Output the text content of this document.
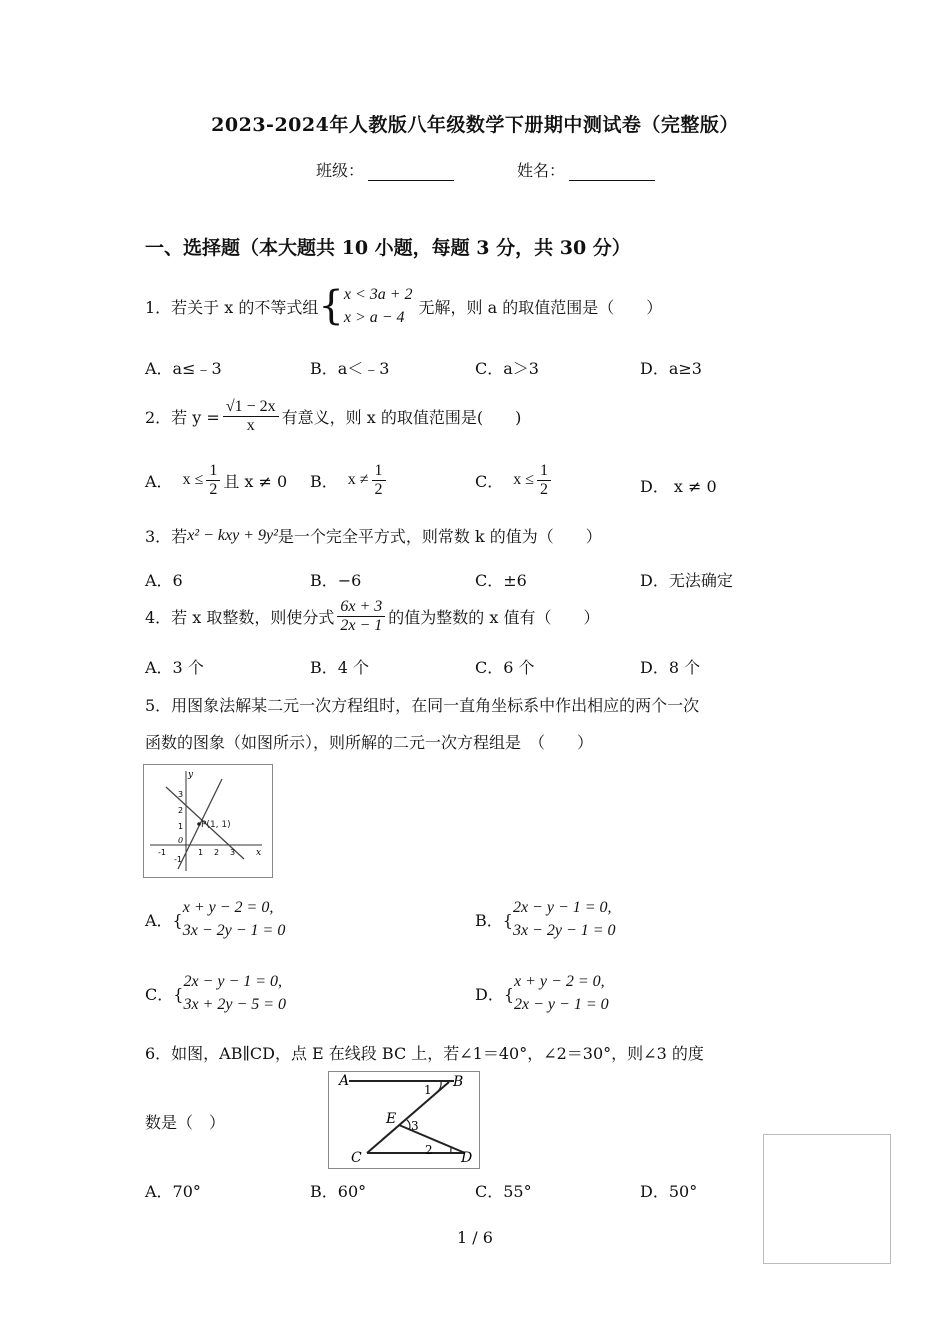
2023-2024年人教版八年级数学下册期中测试卷（完整版）
班级：	姓名：
一、选择题（本大题共 10 小题，每题 3 分，共 30 分）
1．若关于 x 的不等式组 { x < 3a + 2
x > a − 4
无解，则 a 的取值范围是（　　）
A．a≤﹣3	B．a＜﹣3	C．a＞3	D．a≥3
2．若 $y = \frac{√1 - 2x}{x}$ 有意义，则 x 的取值范围是(　　)
A． $x \le \frac{1}{2}$ 且 x ≠ 0 B． $x \ne \frac{1}{2}$	C． $x \le \frac{1}{2}$	D． x ≠ 0
3．若 x² − kxy + 9y² 是一个完全平方式，则常数 k 的值为（　　）
A．6	B．−6	C．±6	D．无法确定
4．若 x 取整数，则使分式 $\frac{6x + 3}{2x - 1}$ 的值为整数的 x 值有（　　）
A．3 个	B．4 个	C．6 个	D．8 个
5．用图象法解某二元一次方程组时，在同一直角坐标系中作出相应的两个一次
函数的图象（如图所示），则所解的二元一次方程组是　（　　）
P(1, 1)
x
y
-1	1 2 3
3
2
1
-1
0
A．{
x + y − 2 = 0,
3x − 2y − 1 = 0
B．{
2x − y − 1 = 0,
3x − 2y − 1 = 0
C．{
2x − y − 1 = 0,
3x + 2y − 5 = 0
D．{
x + y − 2 = 0,
2x − y − 1 = 0
6．如图，AB∥CD，点 E 在线段 BC 上，若∠1＝40°，∠2＝30°，则∠3 的度
数是（　）
A	B
C	D
E
1
2
3
A．70°	B．60°	C．55°	D．50°
1 / 6
